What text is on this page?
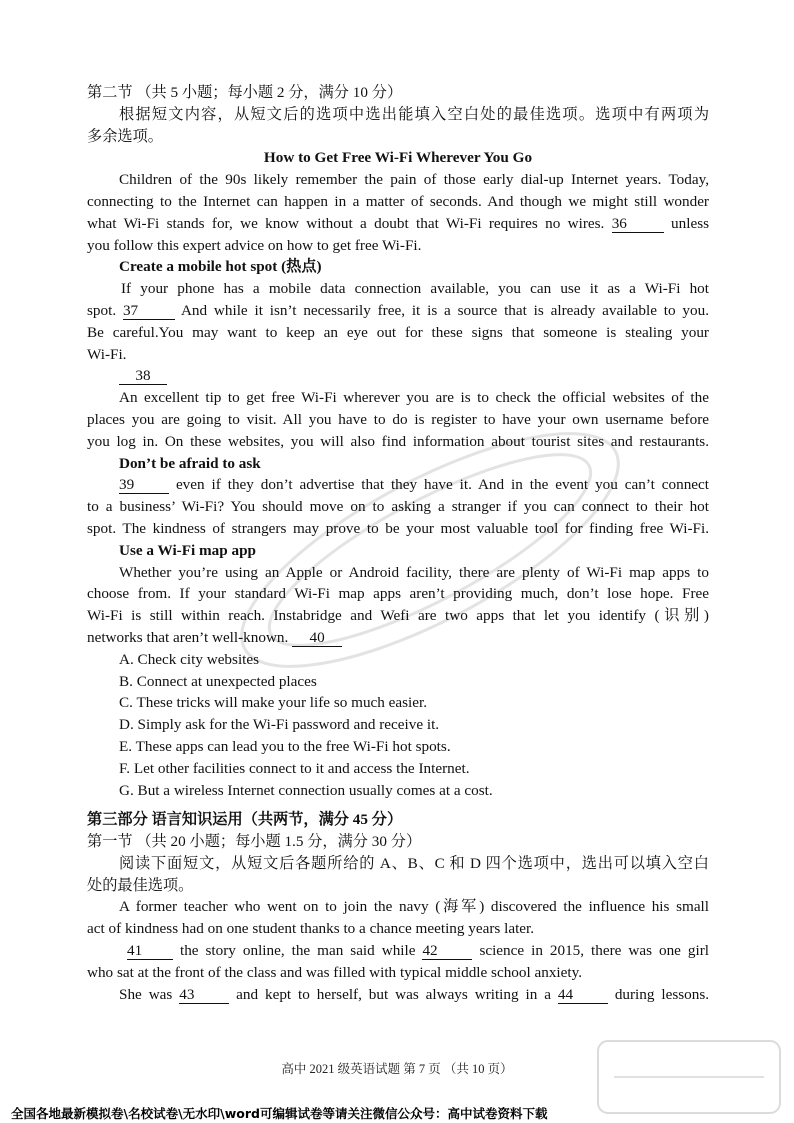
第二节 （共 5 小题；每小题 2 分，满分 10 分）
根据短文内容，从短文后的选项中选出能填入空白处的最佳选项。选项中有两项为
多余选项。
How to Get Free Wi-Fi Wherever You Go
Children of the 90s likely remember the pain of those early dial-up Internet years. Today,
connecting to the Internet can happen in a matter of seconds. And though we might still wonder
what Wi-Fi stands for, we know without a doubt that Wi-Fi requires no wires. 36	unless
you follow this expert advice on how to get free Wi-Fi.
Create a mobile hot spot (热点)
If your phone has a mobile data connection available, you can use it as a Wi-Fi hot
spot. 37	And while it isn’t necessarily free, it is a source that is already available to you.
Be careful.You may want to keep an eye out for these signs that someone is stealing your
Wi-Fi.
38
An excellent tip to get free Wi-Fi wherever you are is to check the official websites of the
places you are going to visit. All you have to do is register to have your own username before
you log in. On these websites, you will also find information about tourist sites and restaurants.
Don’t be afraid to ask
39	even if they don’t advertise that they have it. And in the event you can’t connect
to a business’ Wi-Fi? You should move on to asking a stranger if you can connect to their hot
spot. The kindness of strangers may prove to be your most valuable tool for finding free Wi-Fi.
Use a Wi-Fi map app
Whether you’re using an Apple or Android facility, there are plenty of Wi-Fi map apps to
choose from. If your standard Wi-Fi map apps aren’t providing much, don’t lose hope. Free
Wi-Fi is still within reach. Instabridge and Wefi are two apps that let you identify (识别)
networks that aren’t well-known. 40
A. Check city websites
B. Connect at unexpected places
C. These tricks will make your life so much easier.
D. Simply ask for the Wi-Fi password and receive it.
E. These apps can lead you to the free Wi-Fi hot spots.
F. Let other facilities connect to it and access the Internet.
G. But a wireless Internet connection usually comes at a cost.
第三部分 语言知识运用（共两节，满分 45 分）
第一节 （共 20 小题；每小题 1.5 分，满分 30 分）
阅读下面短文，从短文后各题所给的 A、B、C 和 D 四个选项中，选出可以填入空白
处的最佳选项。
A former teacher who went on to join the navy (海军) discovered the influence his small
act of kindness had on one student thanks to a chance meeting years later.
41 the story online, the man said while 42	science in 2015, there was one girl
who sat at the front of the class and was filled with typical middle school anxiety.
She was 43	and kept to herself, but was always writing in a 44	during lessons.
高中 2021 级英语试题 第 7 页 （共 10 页）
全国各地最新模拟卷\名校试卷\无水印\word可编辑试卷等请关注微信公众号：高中试卷资料下载
